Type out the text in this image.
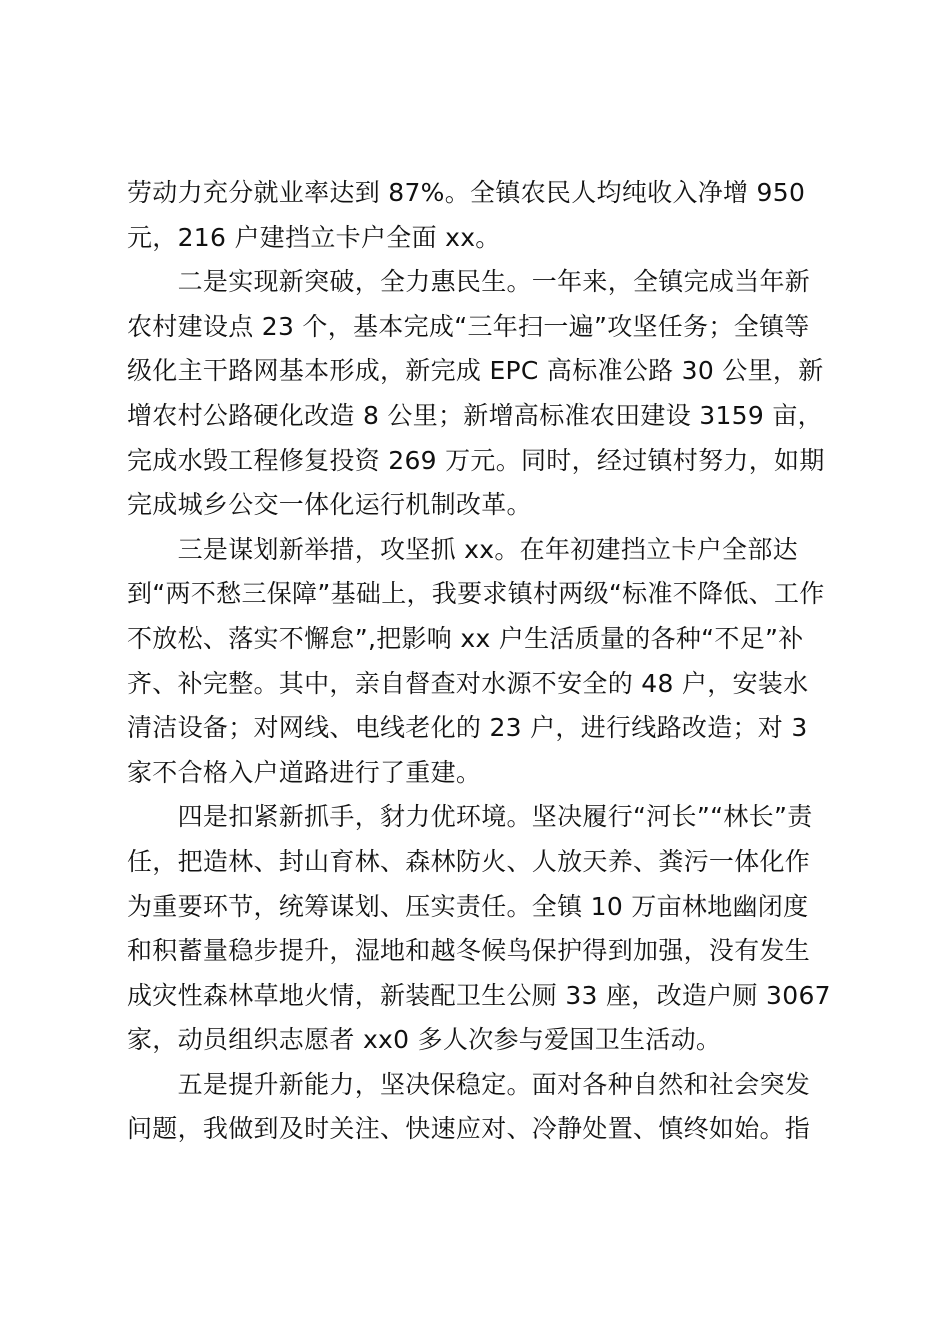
劳动力充分就业率达到 87%。全镇农民人均纯收入净增 950
元，216 户建挡立卡户全面 xx。
　　二是实现新突破，全力惠民生。一年来，全镇完成当年新
农村建设点 23 个，基本完成“三年扫一遍”攻坚任务；全镇等
级化主干路网基本形成，新完成 EPC 高标准公路 30 公里，新
增农村公路硬化改造 8 公里；新增高标准农田建设 3159 亩，
完成水毁工程修复投资 269 万元。同时，经过镇村努力，如期
完成城乡公交一体化运行机制改革。
　　三是谋划新举措，攻坚抓 xx。在年初建挡立卡户全部达
到“两不愁三保障”基础上，我要求镇村两级“标准不降低、工作
不放松、落实不懈怠”,把影响 xx 户生活质量的各种“不足”补
齐、补完整。其中，亲自督查对水源不安全的 48 户，安装水
清洁设备；对网线、电线老化的 23 户，进行线路改造；对 3
家不合格入户道路进行了重建。
　　四是扣紧新抓手，豺力优环境。坚决履行“河长”“林长”责
任，把造林、封山育林、森林防火、人放天养、粪污一体化作
为重要环节，统筹谋划、压实责任。全镇 10 万亩林地幽闭度
和积蓄量稳步提升，湿地和越冬候鸟保护得到加强，没有发生
成灾性森林草地火情，新装配卫生公厕 33 座，改造户厕 3067
家，动员组织志愿者 xx0 多人次参与爱国卫生活动。
　　五是提升新能力，坚决保稳定。面对各种自然和社会突发
问题，我做到及时关注、快速应对、冷静处置、慎终如始。指
